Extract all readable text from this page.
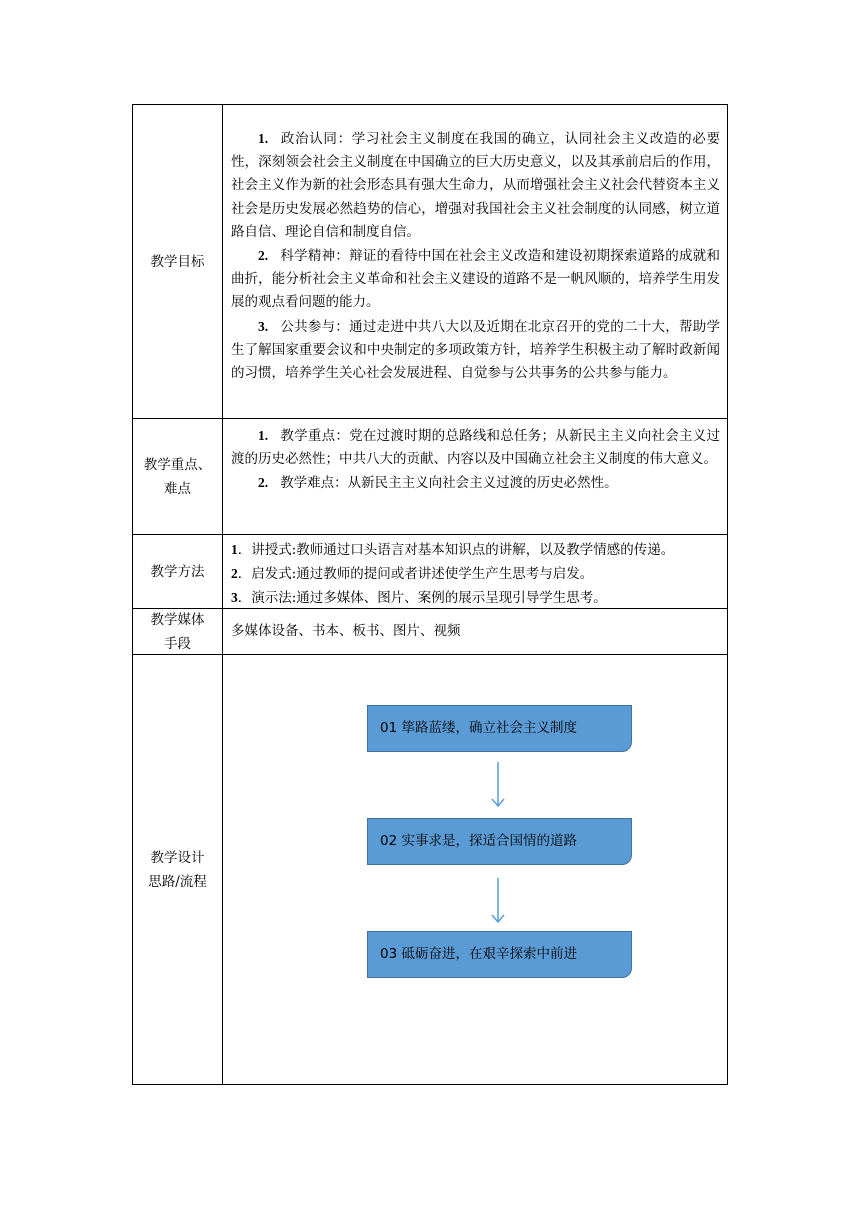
教学目标

1. 政治认同：学习社会主义制度在我国的确立，认同社会主义改造的必要性，深刻领会社会主义制度在中国确立的巨大历史意义，以及其承前启后的作用，社会主义作为新的社会形态具有强大生命力，从而增强社会主义社会代替资本主义社会是历史发展必然趋势的信心，增强对我国社会主义社会制度的认同感，树立道路自信、理论自信和制度自信。

2. 科学精神：辩证的看待中国在社会主义改造和建设初期探索道路的成就和曲折，能分析社会主义革命和社会主义建设的道路不是一帆风顺的，培养学生用发展的观点看问题的能力。

3. 公共参与：通过走进中共八大以及近期在北京召开的党的二十大，帮助学生了解国家重要会议和中央制定的多项政策方针，培养学生积极主动了解时政新闻的习惯，培养学生关心社会发展进程、自觉参与公共事务的公共参与能力。

教学重点、
难点

1. 教学重点：党在过渡时期的总路线和总任务；从新民主主义向社会主义过渡的历史必然性；中共八大的贡献、内容以及中国确立社会主义制度的伟大意义。

2. 教学难点：从新民主主义向社会主义过渡的历史必然性。

教学方法

1．讲授式:教师通过口头语言对基本知识点的讲解，以及教学情感的传递。

2．启发式:通过教师的提问或者讲述使学生产生思考与启发。

3．演示法:通过多媒体、图片、案例的展示呈现引导学生思考。

教学媒体
手段
多媒体设备、书本、板书、图片、视频
教学设计
思路/流程
01 筚路蓝缕，确立社会主义制度
02 实事求是，探适合国情的道路
03 砥砺奋进，在艰辛探索中前进
